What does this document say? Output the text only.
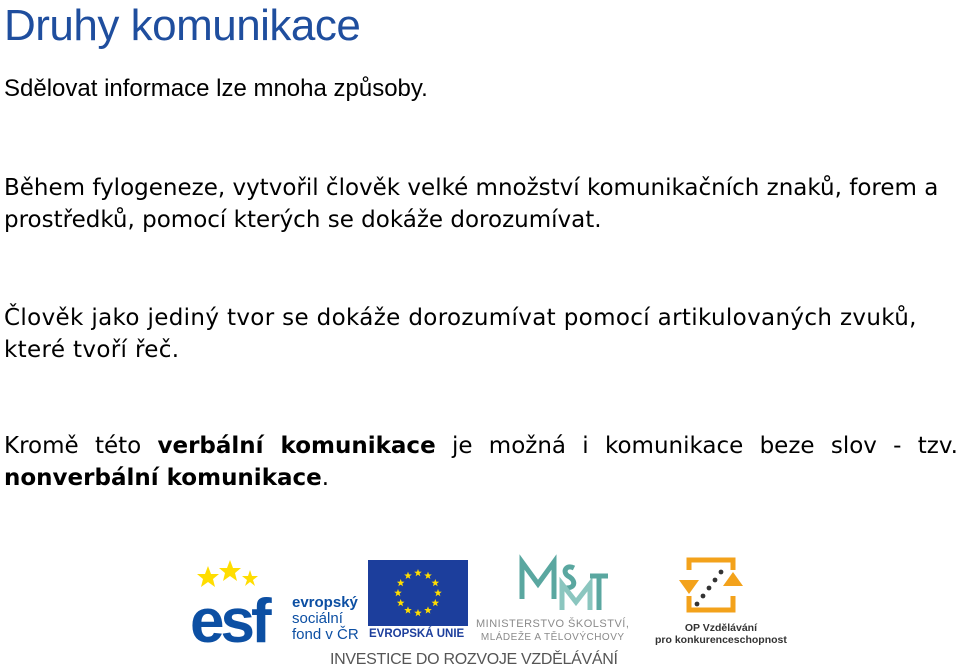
Druhy komunikace
Sdělovat informace lze mnoha způsoby.
Během fylogeneze, vytvořil člověk velké množství komunikačních znaků, forem a prostředků, pomocí kterých se dokáže dorozumívat.
Člověk jako jediný tvor se dokáže dorozumívat pomocí artikulovaných zvuků, které tvoří řeč.
Kromě této verbální komunikace je možná i komunikace beze slov - tzv. nonverbální komunikace.
esf evropský
sociální
fond v ČR EVROPSKÁ UNIE
MINISTERSTVO ŠKOLSTVÍ,
MLÁDEŽE A TĚLOVÝCHOVY
OP Vzdělávání
pro konkurenceschopnost
INVESTICE DO ROZVOJE VZDĚLÁVÁNÍ
